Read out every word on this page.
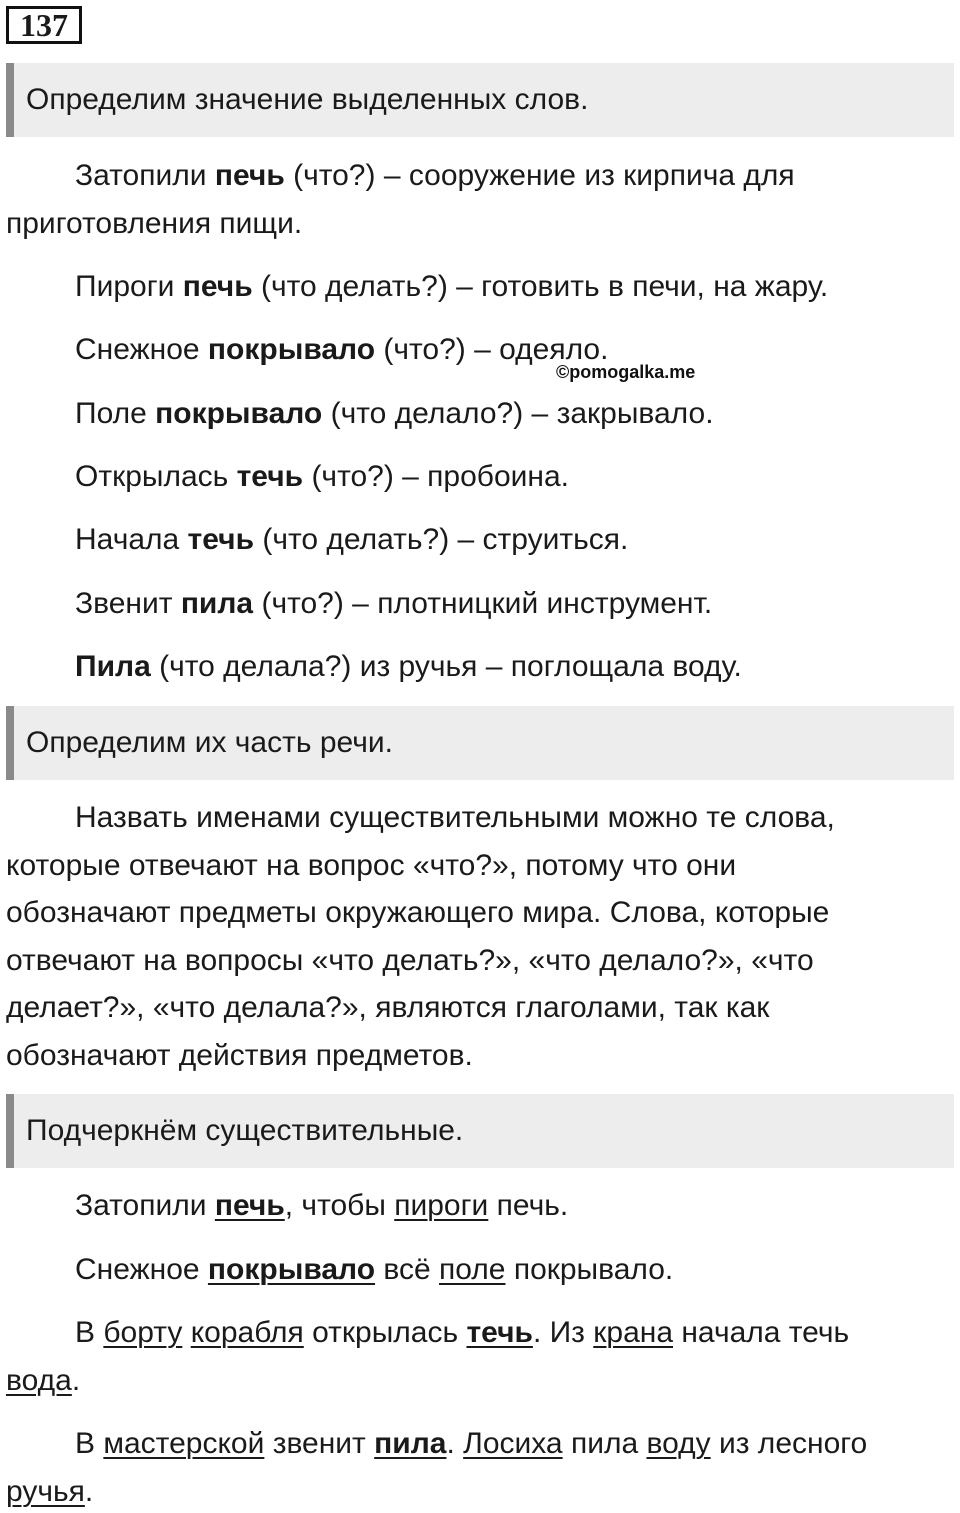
137
Определим значение выделенных слов.
Затопили печь (что?) – сооружение из кирпича для
приготовления пищи.
Пироги печь (что делать?) – готовить в печи, на жару.
Снежное покрывало (что?) – одеяло.
©pomogalka.me
Поле покрывало (что делало?) – закрывало.
Открылась течь (что?) – пробоина.
Начала течь (что делать?) – струиться.
Звенит пила (что?) – плотницкий инструмент.
Пила (что делала?) из ручья – поглощала воду.
Определим их часть речи.
Назвать именами существительными можно те слова,
которые отвечают на вопрос «что?», потому что они
обозначают предметы окружающего мира. Слова, которые
отвечают на вопросы «что делать?», «что делало?», «что
делает?», «что делала?», являются глаголами, так как
обозначают действия предметов.
Подчеркнём существительные.
Затопили печь, чтобы пироги печь.
Снежное покрывало всё поле покрывало.
В борту корабля открылась течь. Из крана начала течь
вода.
В мастерской звенит пила. Лосиха пила воду из лесного
ручья.
